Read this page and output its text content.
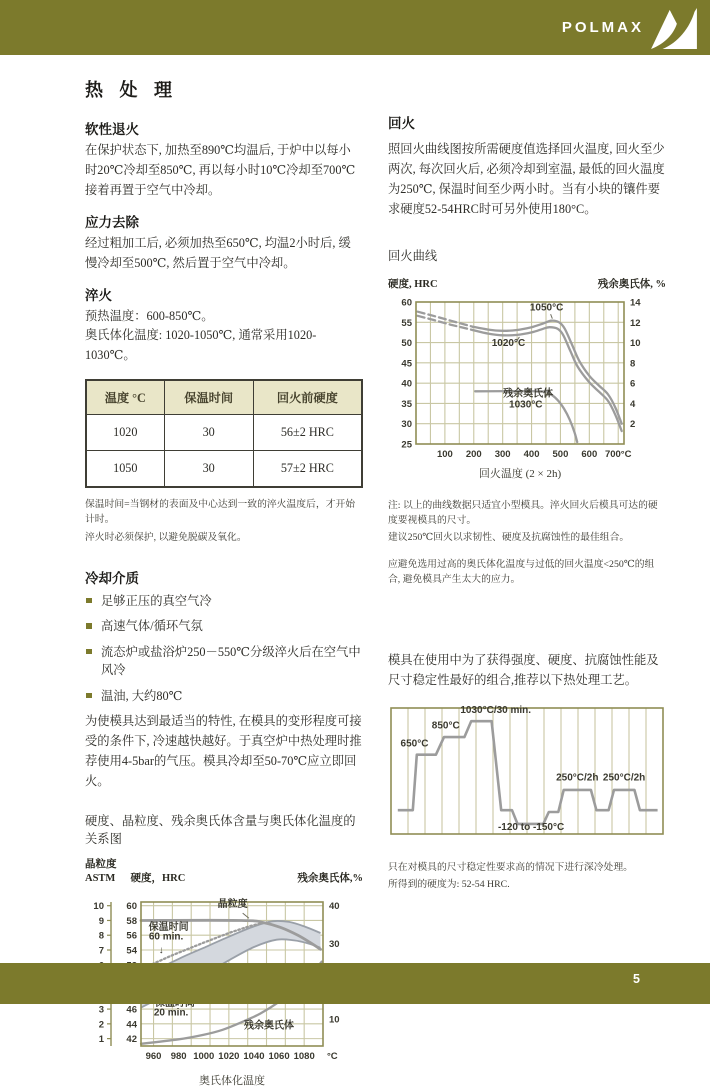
POLMAX
热 处 理
软性退火

在保护状态下, 加热至890℃均温后, 于炉中以每小时20℃冷却至850℃, 再以每小时10℃冷却至700℃接着再置于空气中冷却。

应力去除

经过粗加工后, 必须加热至650℃, 均温2小时后, 缓慢冷却至500℃, 然后置于空气中冷却。

淬火

预热温度：600-850℃。

奥氏体化温度: 1020-1050℃, 通常采用1020-1030℃。

温度 °C	保温时间	回火前硬度
1020	30	56±2 HRC
1050	30	57±2 HRC

保温时间=当钢材的表面及中心达到一致的淬火温度后，才开始计时。

淬火时必须保护, 以避免脱碳及氧化。

冷却介质
足够正压的真空气冷
高速气体/循环气氛
流态炉或盐浴炉250－550℃分级淬火后在空气中风冷
温油, 大约80℃

为使模具达到最适当的特性, 在模具的变形程度可接受的条件下, 冷速越快越好。于真空炉中热处理时推荐使用4-5bar的气压。模具冷却至50-70℃应立即回火。

硬度、晶粒度、残余奥氏体含量与奥氏体化温度的关系图

晶粒度
ASTM 硬度，HRC	残余奥氏体,%
42
44
46
54
56
58
60
10
30
40
1
2
3
7
8
9
10
960 980 1000 1020 1040 1060 1080 °C
奥氏体化温度
晶粒度
保温时间
60 min.
↓
20 min.
残余奥氏体
回火

照回火曲线图按所需硬度值选择回火温度, 回火至少两次, 每次回火后, 必须冷却到室温, 最低的回火温度为250℃, 保温时间至少两小时。当有小块的镶件要求硬度52-54HRC时可另外使用180°C。

回火曲线

硬度, HRC	残余奥氏体, %
25
30
35
40
45
50
55
60
2
4
6
8
10
12
14
100 200 300 400 500 600 700°C
回火温度 (2 × 2h)
1050°C
1020°C
残余奥氏体
1030°C

注: 以上的曲线数据只适宜小型模具。淬火回火后模具可达的硬度要视模具的尺寸。

建议250℃回火以求韧性、硬度及抗腐蚀性的最佳组合。

应避免选用过高的奥氏体化温度与过低的回火温度<250℃的组合, 避免模具产生太大的应力。

模具在使用中为了获得强度、硬度、抗腐蚀性能及尺寸稳定性最好的组合,推荐以下热处理工艺。

650°C
850°C
1030°C/30 min.
250°C/2h 250°C/2h
-120 to -150°C

只在对模具的尺寸稳定性要求高的情况下进行深冷处理。

所得到的硬度为: 52-54 HRC.

5
